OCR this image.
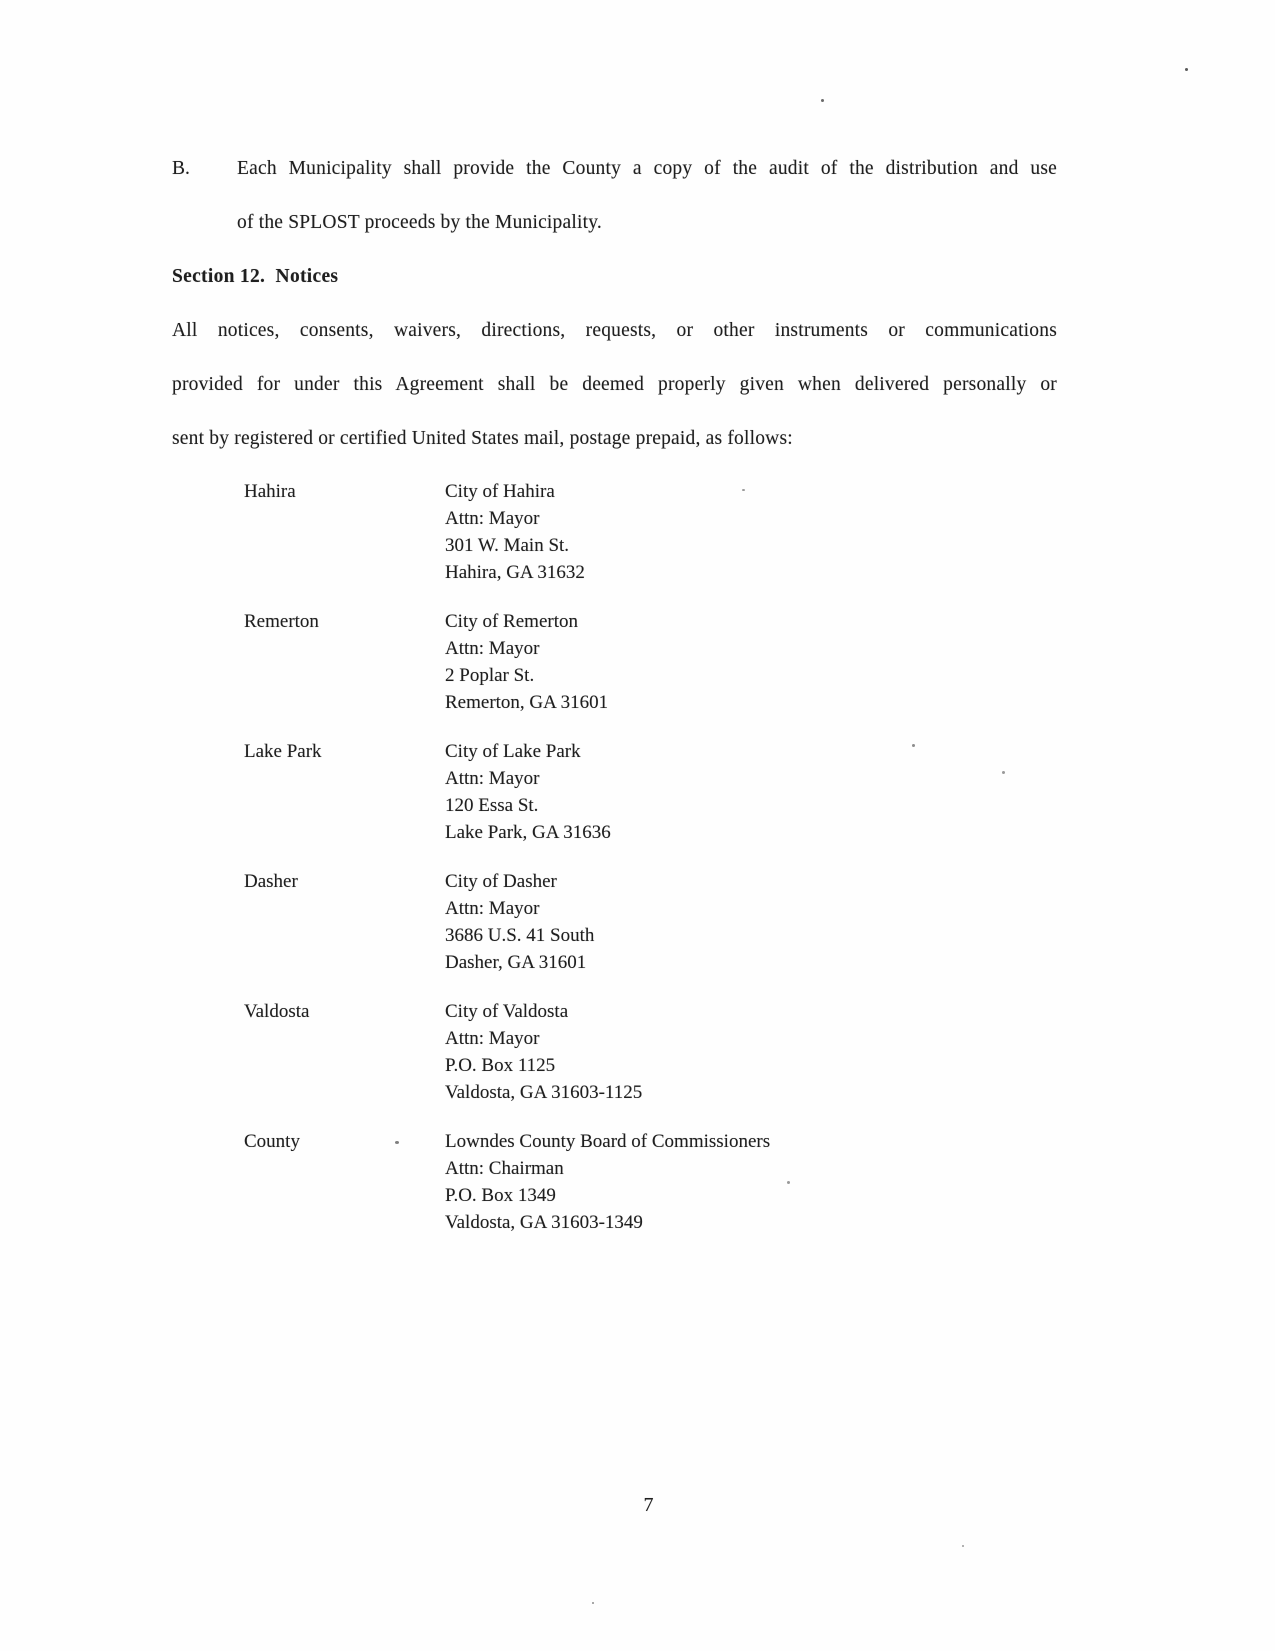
B. Each Municipality shall provide the County a copy of the audit of the distribution and use
of the SPLOST proceeds by the Municipality.
Section 12.  Notices
All notices, consents, waivers, directions, requests, or other instruments or communications
provided for under this Agreement shall be deemed properly given when delivered personally or
sent by registered or certified United States mail, postage prepaid, as follows:
Hahira	City of Hahira
Attn: Mayor
301 W. Main St.
Hahira, GA 31632
Remerton	City of Remerton
Attn: Mayor
2 Poplar St.
Remerton, GA 31601
Lake Park	City of Lake Park
Attn: Mayor
120 Essa St.
Lake Park, GA 31636
Dasher	City of Dasher
Attn: Mayor
3686 U.S. 41 South
Dasher, GA 31601
Valdosta	City of Valdosta
Attn: Mayor
P.O. Box 1125
Valdosta, GA 31603-1125
County	Lowndes County Board of Commissioners
Attn: Chairman
P.O. Box 1349
Valdosta, GA 31603-1349
7
